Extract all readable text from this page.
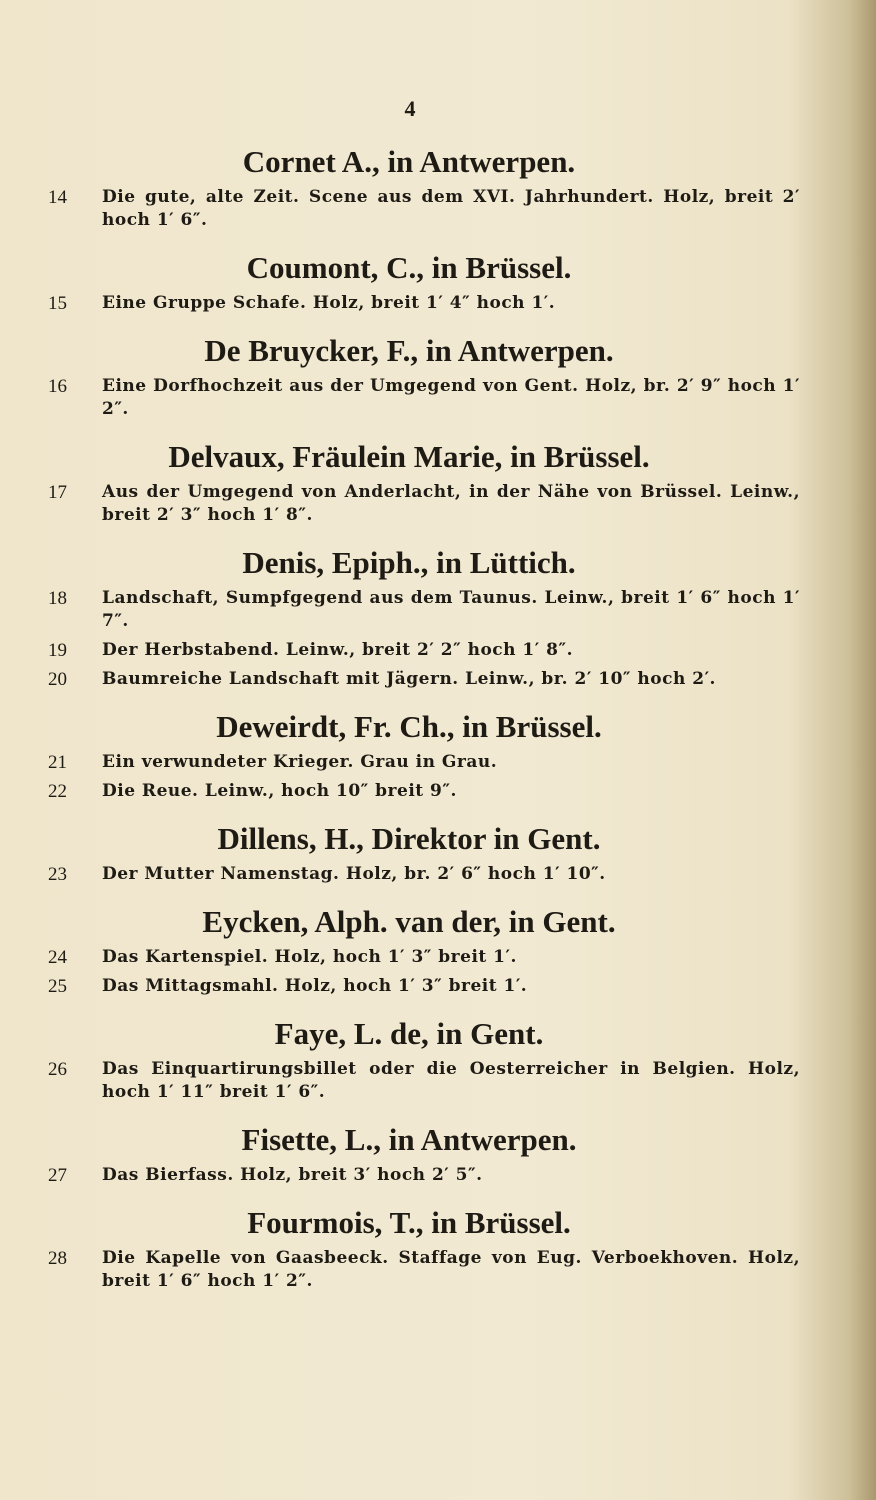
4
Cornet A., in Antwerpen.
14	Die gute, alte Zeit. Scene aus dem XVI. Jahrhundert. Holz, breit 2′ hoch 1′ 6″.
Coumont, C., in Brüssel.
15	Eine Gruppe Schafe. Holz, breit 1′ 4″ hoch 1′.
De Bruycker, F., in Antwerpen.
16	Eine Dorfhochzeit aus der Umgegend von Gent. Holz, br. 2′ 9″ hoch 1′ 2″.
Delvaux, Fräulein Marie, in Brüssel.
17	Aus der Umgegend von Anderlacht, in der Nähe von Brüssel. Leinw., breit 2′ 3″ hoch 1′ 8″.
Denis, Epiph., in Lüttich.
18	Landschaft, Sumpfgegend aus dem Taunus. Leinw., breit 1′ 6″ hoch 1′ 7″.
19	Der Herbstabend. Leinw., breit 2′ 2″ hoch 1′ 8″.
20	Baumreiche Landschaft mit Jägern. Leinw., br. 2′ 10″ hoch 2′.
Deweirdt, Fr. Ch., in Brüssel.
21	Ein verwundeter Krieger. Grau in Grau.
22	Die Reue. Leinw., hoch 10″ breit 9″.
Dillens, H., Direktor in Gent.
23	Der Mutter Namenstag. Holz, br. 2′ 6″ hoch 1′ 10″.
Eycken, Alph. van der, in Gent.
24	Das Kartenspiel. Holz, hoch 1′ 3″ breit 1′.
25	Das Mittagsmahl. Holz, hoch 1′ 3″ breit 1′.
Faye, L. de, in Gent.
26	Das Einquartirungsbillet oder die Oesterreicher in Belgien. Holz, hoch 1′ 11″ breit 1′ 6″.
Fisette, L., in Antwerpen.
27	Das Bierfass. Holz, breit 3′ hoch 2′ 5″.
Fourmois, T., in Brüssel.
28	Die Kapelle von Gaasbeeck. Staffage von Eug. Verboekhoven. Holz, breit 1′ 6″ hoch 1′ 2″.
